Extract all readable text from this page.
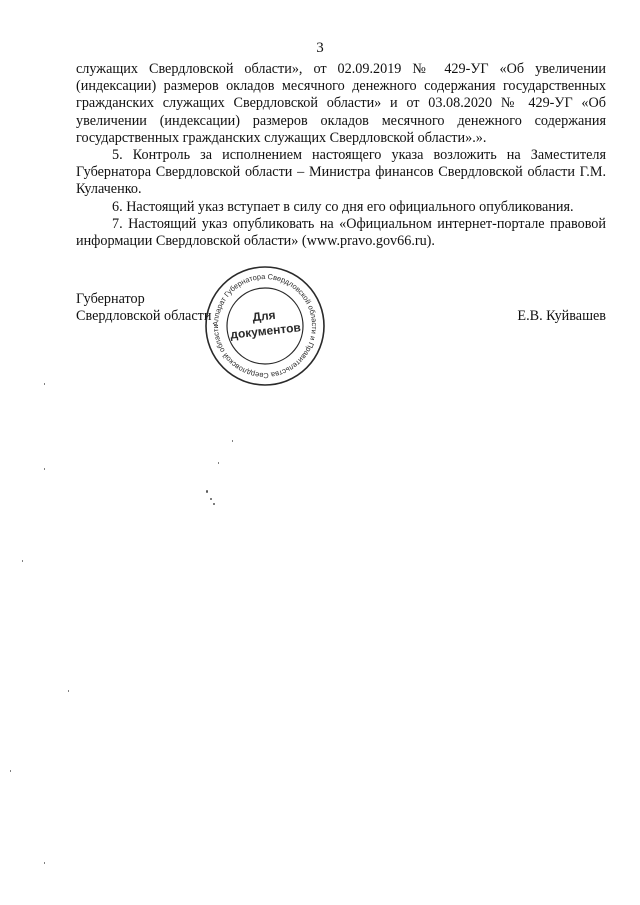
3

служащих Свердловской области», от 02.09.2019 № 429-УГ «Об увеличении (индексации) размеров окладов месячного денежного содержания государственных гражданских служащих Свердловской области» и от 03.08.2020 № 429-УГ «Об увеличении (индексации) размеров окладов месячного денежного содержания государственных гражданских служащих Свердловской области».».

5. Контроль за исполнением настоящего указа возложить на Заместителя Губернатора Свердловской области – Министра финансов Свердловской области Г.М. Кулаченко.

6. Настоящий указ вступает в силу со дня его официального опубликования.

7. Настоящий указ опубликовать на «Официальном интернет-портале правовой информации Свердловской области» (www.pravo.gov66.ru).

Губернатор
Свердловской области	Е.В. Куйвашев
Аппарат Губернатора Свердловской области и Правительства Свердловской области
Для
документов
